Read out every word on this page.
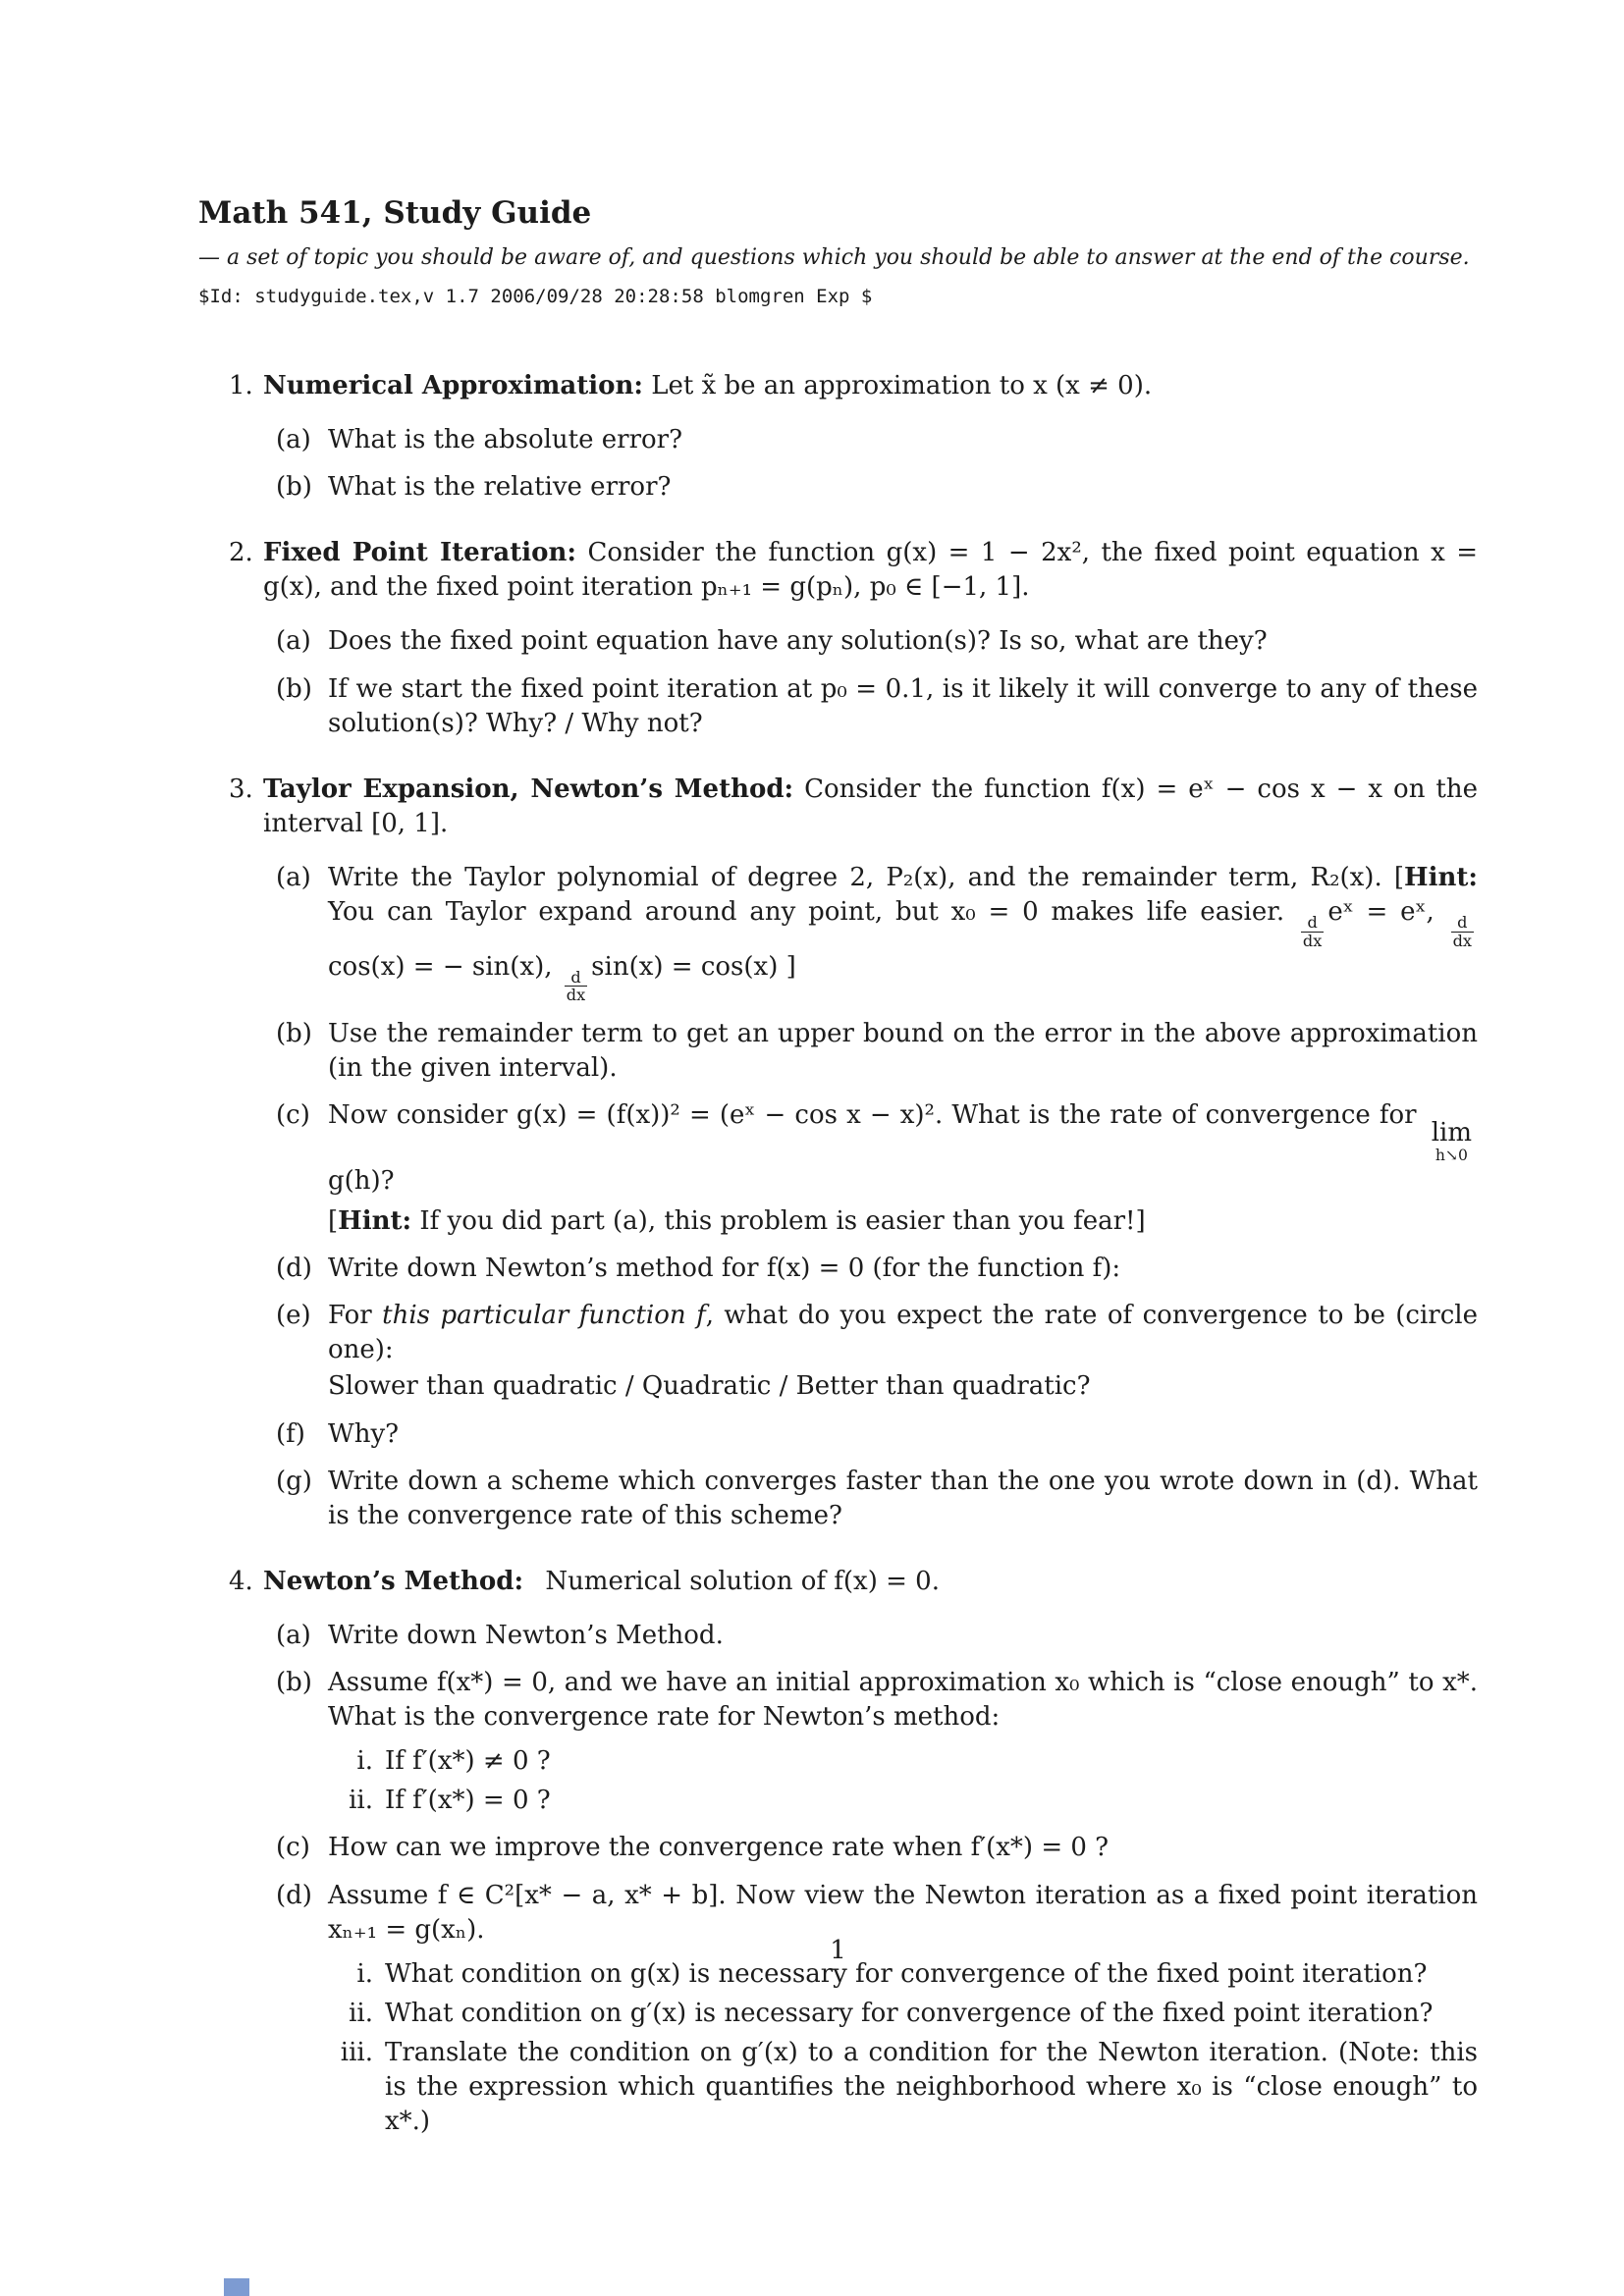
Math 541, Study Guide
— a set of topic you should be aware of, and questions which you should be able to answer at the end of the course.
$Id: studyguide.tex,v 1.7 2006/09/28 20:28:58 blomgren Exp $
1. Numerical Approximation: Let x̃ be an approximation to x (x ≠ 0).
(a) What is the absolute error?
(b) What is the relative error?
2. Fixed Point Iteration: Consider the function g(x) = 1 − 2x², the fixed point equation x = g(x), and the fixed point iteration pₙ₊₁ = g(pₙ), p₀ ∈ [−1, 1].
(a) Does the fixed point equation have any solution(s)? Is so, what are they?
(b) If we start the fixed point iteration at p₀ = 0.1, is it likely it will converge to any of these solution(s)? Why? / Why not?
3. Taylor Expansion, Newton’s Method: Consider the function f(x) = eˣ − cos x − x on the interval [0, 1].
(a) Write the Taylor polynomial of degree 2, P₂(x), and the remainder term, R₂(x). [Hint: You can Taylor expand around any point, but x₀ = 0 makes life easier.
$\frac{d}{dx}$
eˣ = eˣ,
$\frac{d}{dx}$
cos(x) = − sin(x),
$\frac{d}{dx}$
sin(x) = cos(x) ]
(b) Use the remainder term to get an upper bound on the error in the above approximation (in the given interval).
(c) Now consider g(x) = (f(x))² = (eˣ − cos x − x)². What is the rate of convergence for
lim
h↘0
g(h)?
[Hint: If you did part (a), this problem is easier than you fear!]
(d) Write down Newton’s method for f(x) = 0 (for the function f):
(e) For this particular function f, what do you expect the rate of convergence to be (circle one):
Slower than quadratic / Quadratic / Better than quadratic?
(f) Why?
(g) Write down a scheme which converges faster than the one you wrote down in (d). What is the convergence rate of this scheme?
4. Newton’s Method: Numerical solution of f(x) = 0.
(a) Write down Newton’s Method.
(b) Assume f(x*) = 0, and we have an initial approximation x₀ which is “close enough” to x*. What is the convergence rate for Newton’s method:
i. If f′(x*) ≠ 0 ?
ii. If f′(x*) = 0 ?
(c) How can we improve the convergence rate when f′(x*) = 0 ?
(d) Assume f ∈ C²[x* − a, x* + b]. Now view the Newton iteration as a fixed point iteration xₙ₊₁ = g(xₙ).
i. What condition on g(x) is necessary for convergence of the fixed point iteration?
ii. What condition on g′(x) is necessary for convergence of the fixed point iteration?
iii. Translate the condition on g′(x) to a condition for the Newton iteration. (Note: this is the expression which quantifies the neighborhood where x₀ is “close enough” to x*.)
1
